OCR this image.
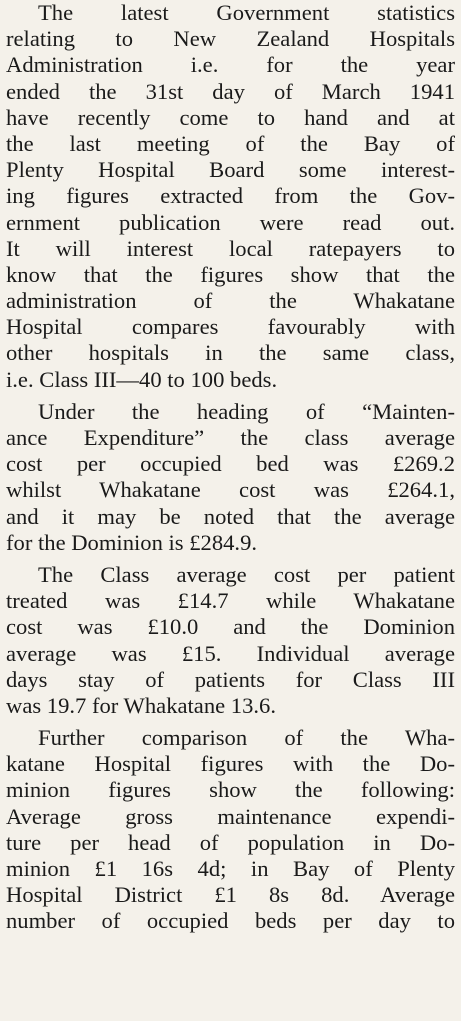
The latest Government statistics
relating to New Zealand Hospitals
Administration i.e. for the year
ended the 31st day of March 1941
have recently come to hand and at
the last meeting of the Bay of
Plenty Hospital Board some interest-
ing figures extracted from the Gov-
ernment publication were read out.
It will interest local ratepayers to
know that the figures show that the
administration of the Whakatane
Hospital compares favourably with
other hospitals in the same class,
i.e. Class III—40 to 100 beds.
Under the heading of “Mainten-
ance Expenditure” the class average
cost per occupied bed was £269.2
whilst Whakatane cost was £264.1,
and it may be noted that the average
for the Dominion is £284.9.
The Class average cost per patient
treated was £14.7 while Whakatane
cost was £10.0 and the Dominion
average was £15. Individual average
days stay of patients for Class III
was 19.7 for Whakatane 13.6.
Further comparison of the Wha-
katane Hospital figures with the Do-
minion figures show the following:
Average gross maintenance expendi-
ture per head of population in Do-
minion £1 16s 4d; in Bay of Plenty
Hospital District £1 8s 8d. Average
number of occupied beds per day to
